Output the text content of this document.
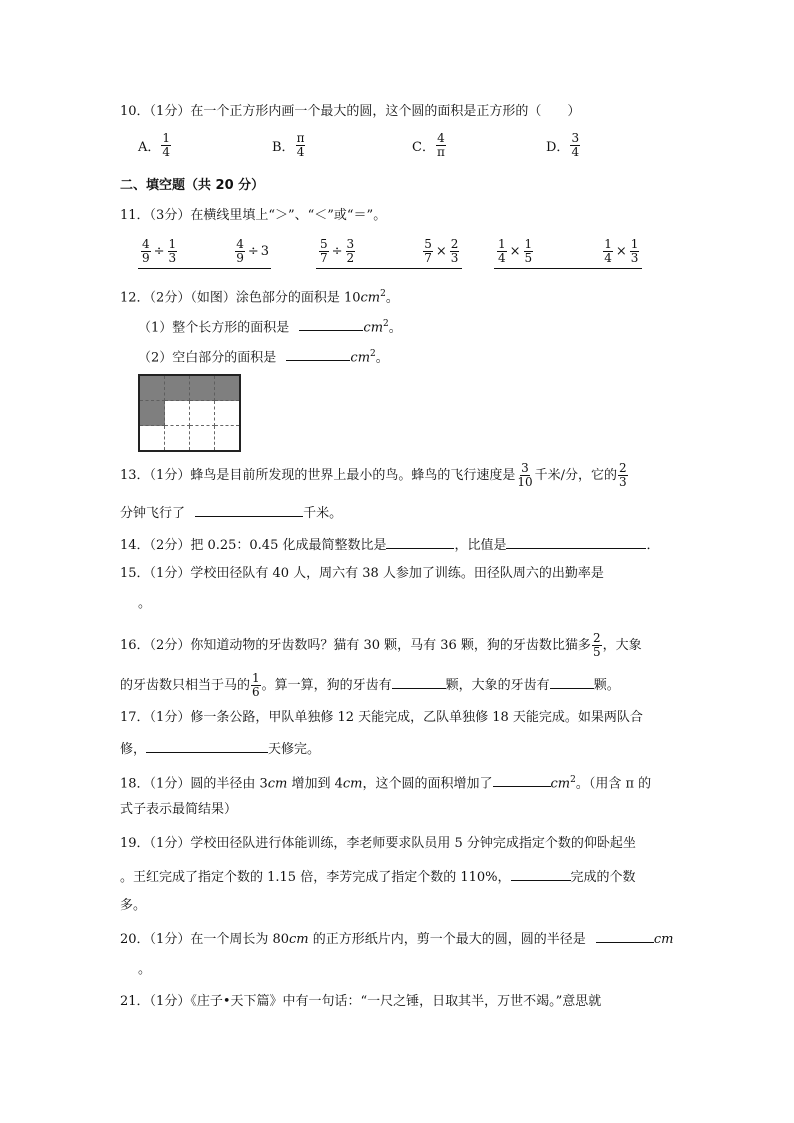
10．（1分）在一个正方形内画一个最大的圆，这个圆的面积是正方形的（　　）
A． $\frac{1}{4}$	B． $\frac{\pi}{4}$	C． $\frac{4}{\pi}$	D． $\frac{3}{4}$
二、填空题（共 20 分）
11．（3分）在横线里填上“＞”、“＜”或“＝”。
$\frac{4}{9} \div \frac{1}{3}$	$\frac{4}{9} \div 3$	$\frac{5}{7} \div \frac{3}{2}$	$\frac{5}{7} \times \frac{2}{3}$	$\frac{1}{4} \times \frac{1}{5}$	$\frac{1}{4} \times \frac{1}{3}$
12．（2分）（如图）涂色部分的面积是 $10cm^2$。
（1）整个长方形的面积是	$cm^2$。
（2）空白部分的面积是	$cm^2$。

13．（1分）蜂鸟是目前所发现的世界上最小的鸟。蜂鸟的飞行速度是 $\frac{3}{10}$ 千米/分，它的 $\frac{2}{3}$
分钟飞行了	千米。
14．（2分）把 0.25：0.45 化成最简整数比是	，比值是	．
15．（1分）学校田径队有 40 人，周六有 38 人参加了训练。田径队周六的出勤率是
。
16．（2分）你知道动物的牙齿数吗？猫有 30 颗，马有 36 颗，狗的牙齿数比猫多 $\frac{2}{5}$ ，大象
的牙齿数只相当于马的 $\frac{1}{6}$ 。算一算，狗的牙齿有	颗，大象的牙齿有	颗。
17．（1分）修一条公路，甲队单独修 12 天能完成，乙队单独修 18 天能完成。如果两队合
修，	天修完。
18．（1分）圆的半径由 3cm 增加到 4cm，这个圆的面积增加了	$cm^2$。（用含 π 的
式子表示最简结果）
19．（1分）学校田径队进行体能训练，李老师要求队员用 5 分钟完成指定个数的仰卧起坐
。王红完成了指定个数的 1.15 倍，李芳完成了指定个数的 110%，	完成的个数
多。
20．（1分）在一个周长为 80cm 的正方形纸片内，剪一个最大的圆，圆的半径是	cm
。
21．（1分）《庄子•天下篇》中有一句话：“一尺之锤，日取其半，万世不竭。”意思就
